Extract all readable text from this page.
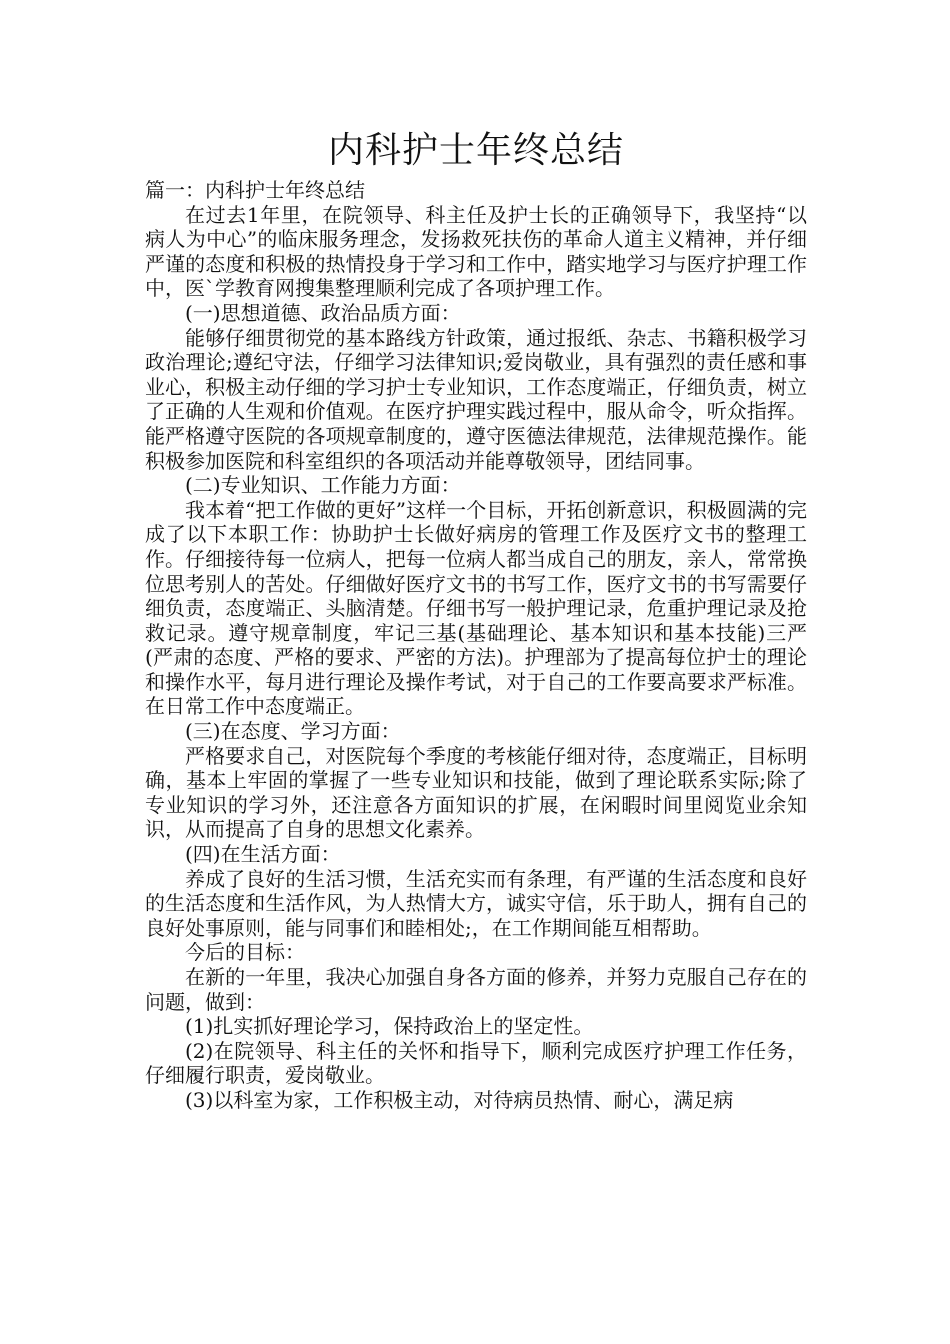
内科护士年终总结

篇一：内科护士年终总结

在过去1年里，在院领导、科主任及护士长的正确领导下，我坚持“以病人为中心”的临床服务理念，发扬救死扶伤的革命人道主义精神，并仔细严谨的态度和积极的热情投身于学习和工作中，踏实地学习与医疗护理工作中，医`学教育网搜集整理顺利完成了各项护理工作。

(一)思想道德、政治品质方面：

能够仔细贯彻党的基本路线方针政策，通过报纸、杂志、书籍积极学习政治理论;遵纪守法，仔细学习法律知识;爱岗敬业，具有强烈的责任感和事业心，积极主动仔细的学习护士专业知识，工作态度端正，仔细负责，树立了正确的人生观和价值观。在医疗护理实践过程中，服从命令，听众指挥。能严格遵守医院的各项规章制度的，遵守医德法律规范，法律规范操作。能积极参加医院和科室组织的各项活动并能尊敬领导，团结同事。

(二)专业知识、工作能力方面：

我本着“把工作做的更好”这样一个目标，开拓创新意识，积极圆满的完成了以下本职工作：协助护士长做好病房的管理工作及医疗文书的整理工作。仔细接待每一位病人，把每一位病人都当成自己的朋友，亲人，常常换位思考别人的苦处。仔细做好医疗文书的书写工作，医疗文书的书写需要仔细负责，态度端正、头脑清楚。仔细书写一般护理记录，危重护理记录及抢救记录。遵守规章制度，牢记三基(基础理论、基本知识和基本技能)三严(严肃的态度、严格的要求、严密的方法)。护理部为了提高每位护士的理论和操作水平，每月进行理论及操作考试，对于自己的工作要高要求严标准。在日常工作中态度端正。

(三)在态度、学习方面：

严格要求自己，对医院每个季度的考核能仔细对待，态度端正，目标明确，基本上牢固的掌握了一些专业知识和技能，做到了理论联系实际;除了专业知识的学习外，还注意各方面知识的扩展，在闲暇时间里阅览业余知识，从而提高了自身的思想文化素养。

(四)在生活方面：

养成了良好的生活习惯，生活充实而有条理，有严谨的生活态度和良好的生活态度和生活作风，为人热情大方，诚实守信，乐于助人，拥有自己的良好处事原则，能与同事们和睦相处;，在工作期间能互相帮助。

今后的目标：

在新的一年里，我决心加强自身各方面的修养，并努力克服自己存在的问题，做到：

(1)扎实抓好理论学习，保持政治上的坚定性。

(2)在院领导、科主任的关怀和指导下，顺利完成医疗护理工作任务，仔细履行职责，爱岗敬业。

(3)以科室为家，工作积极主动，对待病员热情、耐心，满足病
